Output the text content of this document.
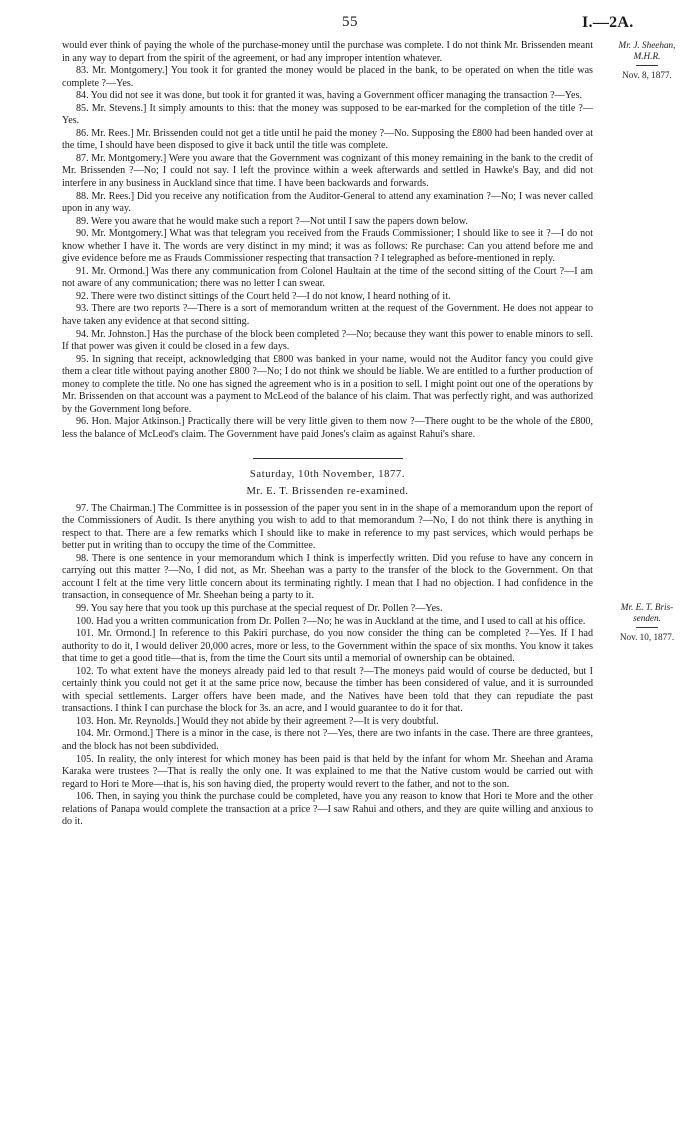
55	I.—2A.
Mr. J. Sheehan,
M.H.R.
Nov. 8, 1877.
Mr. E. T. Bris-
senden.
Nov. 10, 1877.

would ever think of paying the whole of the purchase-money until the purchase was complete. I do not think Mr. Brissenden meant in any way to depart from the spirit of the agreement, or had any improper intention whatever.

83. Mr. Montgomery.] You took it for granted the money would be placed in the bank, to be operated on when the title was complete ?—Yes.

84. You did not see it was done, but took it for granted it was, having a Government officer managing the transaction ?—Yes.

85. Mr. Stevens.] It simply amounts to this: that the money was supposed to be ear-marked for the completion of the title ?—Yes.

86. Mr. Rees.] Mr. Brissenden could not get a title until he paid the money ?—No. Supposing the £800 had been handed over at the time, I should have been disposed to give it back until the title was complete.

87. Mr. Montgomery.] Were you aware that the Government was cognizant of this money remaining in the bank to the credit of Mr. Brissenden ?—No; I could not say. I left the province within a week afterwards and settled in Hawke's Bay, and did not interfere in any business in Auckland since that time. I have been backwards and forwards.

88. Mr. Rees.] Did you receive any notification from the Auditor-General to attend any examination ?—No; I was never called upon in any way.

89. Were you aware that he would make such a report ?—Not until I saw the papers down below.

90. Mr. Montgomery.] What was that telegram you received from the Frauds Commissioner; I should like to see it ?—I do not know whether I have it. The words are very distinct in my mind; it was as follows: Re purchase: Can you attend before me and give evidence before me as Frauds Commissioner respecting that transaction ? I telegraphed as before-mentioned in reply.

91. Mr. Ormond.] Was there any communication from Colonel Haultain at the time of the second sitting of the Court ?—I am not aware of any communication; there was no letter I can swear.

92. There were two distinct sittings of the Court held ?—I do not know, I heard nothing of it.

93. There are two reports ?—There is a sort of memorandum written at the request of the Government. He does not appear to have taken any evidence at that second sitting.

94. Mr. Johnston.] Has the purchase of the block been completed ?—No; because they want this power to enable minors to sell. If that power was given it could be closed in a few days.

95. In signing that receipt, acknowledging that £800 was banked in your name, would not the Auditor fancy you could give them a clear title without paying another £800 ?—No; I do not think we should be liable. We are entitled to a further production of money to complete the title. No one has signed the agreement who is in a position to sell. I might point out one of the operations by Mr. Brissenden on that account was a payment to McLeod of the balance of his claim. That was perfectly right, and was authorized by the Government long before.

96. Hon. Major Atkinson.] Practically there will be very little given to them now ?—There ought to be the whole of the £800, less the balance of McLeod's claim. The Government have paid Jones's claim as against Rahui's share.

Saturday, 10th November, 1877.
Mr. E. T. Brissenden re-examined.

97. The Chairman.] The Committee is in possession of the paper you sent in in the shape of a memorandum upon the report of the Commissioners of Audit. Is there anything you wish to add to that memorandum ?—No, I do not think there is anything in respect to that. There are a few remarks which I should like to make in reference to my past services, which would perhaps be better put in writing than to occupy the time of the Committee.

98. There is one sentence in your memorandum which I think is imperfectly written. Did you refuse to have any concern in carrying out this matter ?—No, I did not, as Mr. Sheehan was a party to the transfer of the block to the Government. On that account I felt at the time very little concern about its terminating rightly. I mean that I had no objection. I had confidence in the transaction, in consequence of Mr. Sheehan being a party to it.

99. You say here that you took up this purchase at the special request of Dr. Pollen ?—Yes.

100. Had you a written communication from Dr. Pollen ?—No; he was in Auckland at the time, and I used to call at his office.

101. Mr. Ormond.] In reference to this Pakiri purchase, do you now consider the thing can be completed ?—Yes. If I had authority to do it, I would deliver 20,000 acres, more or less, to the Government within the space of six months. You know it takes that time to get a good title—that is, from the time the Court sits until a memorial of ownership can be obtained.

102. To what extent have the moneys already paid led to that result ?—The moneys paid would of course be deducted, but I certainly think you could not get it at the same price now, because the timber has been considered of value, and it is surrounded with special settlements. Larger offers have been made, and the Natives have been told that they can repudiate the past transactions. I think I can purchase the block for 3s. an acre, and I would guarantee to do it for that.

103. Hon. Mr. Reynolds.] Would they not abide by their agreement ?—It is very doubtful.

104. Mr. Ormond.] There is a minor in the case, is there not ?—Yes, there are two infants in the case. There are three grantees, and the block has not been subdivided.

105. In reality, the only interest for which money has been paid is that held by the infant for whom Mr. Sheehan and Arama Karaka were trustees ?—That is really the only one. It was explained to me that the Native custom would be carried out with regard to Hori te More—that is, his son having died, the property would revert to the father, and not to the son.

106. Then, in saying you think the purchase could be completed, have you any reason to know that Hori te More and the other relations of Panapa would complete the transaction at a price ?—I saw Rahui and others, and they are quite willing and anxious to do it.
